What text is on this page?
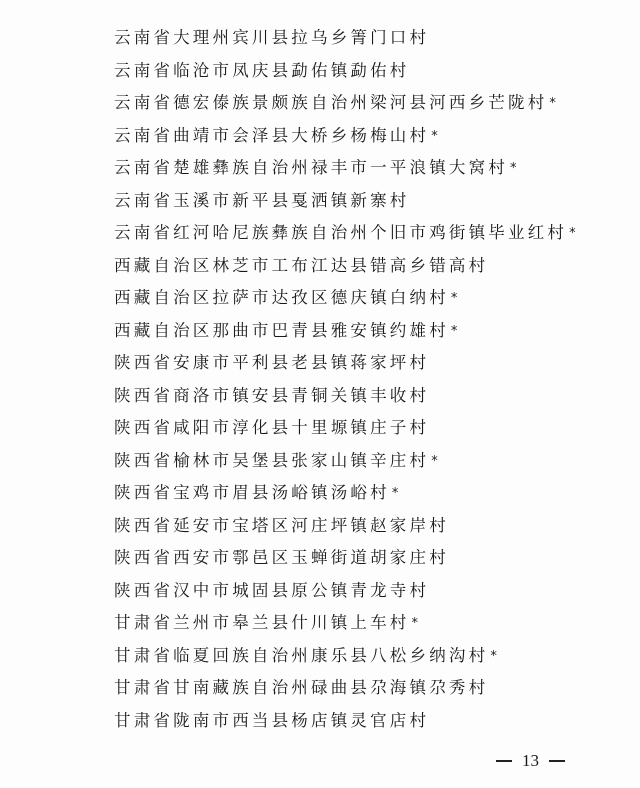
云南省大理州宾川县拉乌乡箐门口村
云南省临沧市凤庆县勐佑镇勐佑村
云南省德宏傣族景颇族自治州梁河县河西乡芒陇村 *
云南省曲靖市会泽县大桥乡杨梅山村 *
云南省楚雄彝族自治州禄丰市一平浪镇大窝村 *
云南省玉溪市新平县戛洒镇新寨村
云南省红河哈尼族彝族自治州个旧市鸡街镇毕业红村 *
西藏自治区林芝市工布江达县错高乡错高村
西藏自治区拉萨市达孜区德庆镇白纳村 *
西藏自治区那曲市巴青县雅安镇约雄村 *
陕西省安康市平利县老县镇蒋家坪村
陕西省商洛市镇安县青铜关镇丰收村
陕西省咸阳市淳化县十里塬镇庄子村
陕西省榆林市吴堡县张家山镇辛庄村 *
陕西省宝鸡市眉县汤峪镇汤峪村 *
陕西省延安市宝塔区河庄坪镇赵家岸村
陕西省西安市鄠邑区玉蝉街道胡家庄村
陕西省汉中市城固县原公镇青龙寺村
甘肃省兰州市皋兰县什川镇上车村 *
甘肃省临夏回族自治州康乐县八松乡纳沟村 *
甘肃省甘南藏族自治州碌曲县尕海镇尕秀村
甘肃省陇南市西当县杨店镇灵官店村
13
